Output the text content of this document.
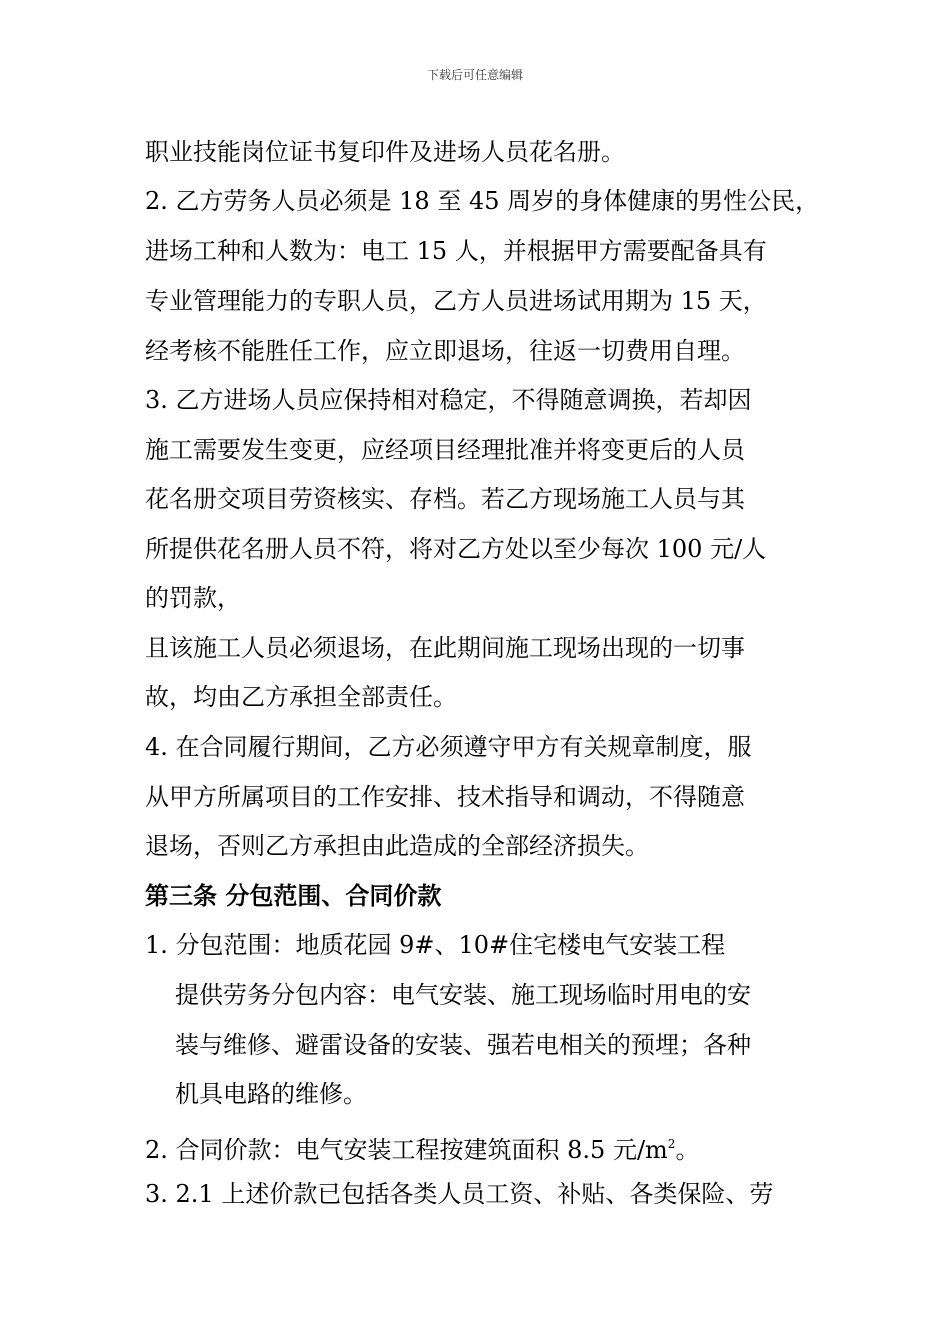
下载后可任意编辑
职业技能岗位证书复印件及进场人员花名册。
2. 乙方劳务人员必须是 18 至 45 周岁的身体健康的男性公民，
进场工种和人数为：电工 15 人，并根据甲方需要配备具有
专业管理能力的专职人员，乙方人员进场试用期为 15 天，
经考核不能胜任工作，应立即退场，往返一切费用自理。
3. 乙方进场人员应保持相对稳定，不得随意调换，若却因
施工需要发生变更，应经项目经理批准并将变更后的人员
花名册交项目劳资核实、存档。若乙方现场施工人员与其
所提供花名册人员不符，将对乙方处以至少每次 100 元/人
的罚款，
且该施工人员必须退场，在此期间施工现场出现的一切事
故，均由乙方承担全部责任。
4. 在合同履行期间，乙方必须遵守甲方有关规章制度，服
从甲方所属项目的工作安排、技术指导和调动，不得随意
退场，否则乙方承担由此造成的全部经济损失。
第三条 分包范围、合同价款
1. 分包范围：地质花园 9#、10#住宅楼电气安装工程
提供劳务分包内容：电气安装、施工现场临时用电的安
装与维修、避雷设备的安装、强若电相关的预埋；各种
机具电路的维修。
2. 合同价款：电气安装工程按建筑面积 8.5 元$/m^2$。
3. 2.1 上述价款已包括各类人员工资、补贴、各类保险、劳
